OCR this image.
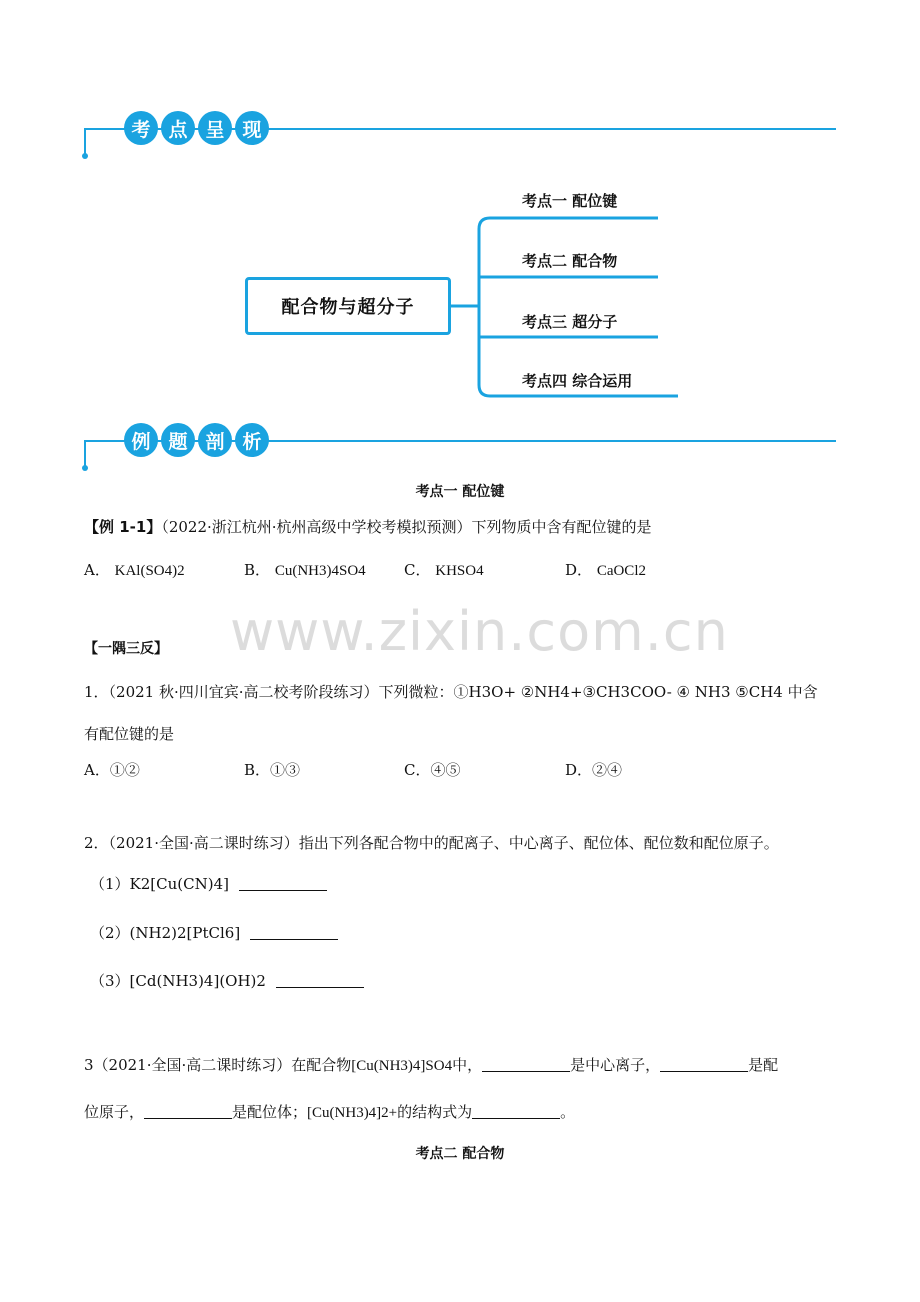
考 点 呈 现
配合物与超分子
考点一 配位键
考点二 配合物
考点三 超分子
考点四 综合运用
例 题 剖 析
考点一 配位键
【例 1-1】（2022·浙江杭州·杭州高级中学校考模拟预测）下列物质中含有配位键的是
A． KAl(SO4)2	B． Cu(NH3)4SO4	C． KHSO4	D． CaOCl2
www.zixin.com.cn
【一隅三反】
1．（2021 秋·四川宜宾·高二校考阶段练习）下列微粒：①H3O+ ②NH4+③CH3COO- ④ NH3 ⑤CH4 中含
有配位键的是
A．①②	B．①③	C．④⑤	D．②④
2．（2021·全国·高二课时练习）指出下列各配合物中的配离子、中心离子、配位体、配位数和配位原子。
（1）K2[Cu(CN)4]
（2）(NH2)2[PtCl6]
（3）[Cd(NH3)4](OH)2
3（2021·全国·高二课时练习）在配合物[Cu(NH3)4]SO4中，	是中心离子，	是配
位原子，	是配位体；[Cu(NH3)4]2+的结构式为	。
考点二 配合物
